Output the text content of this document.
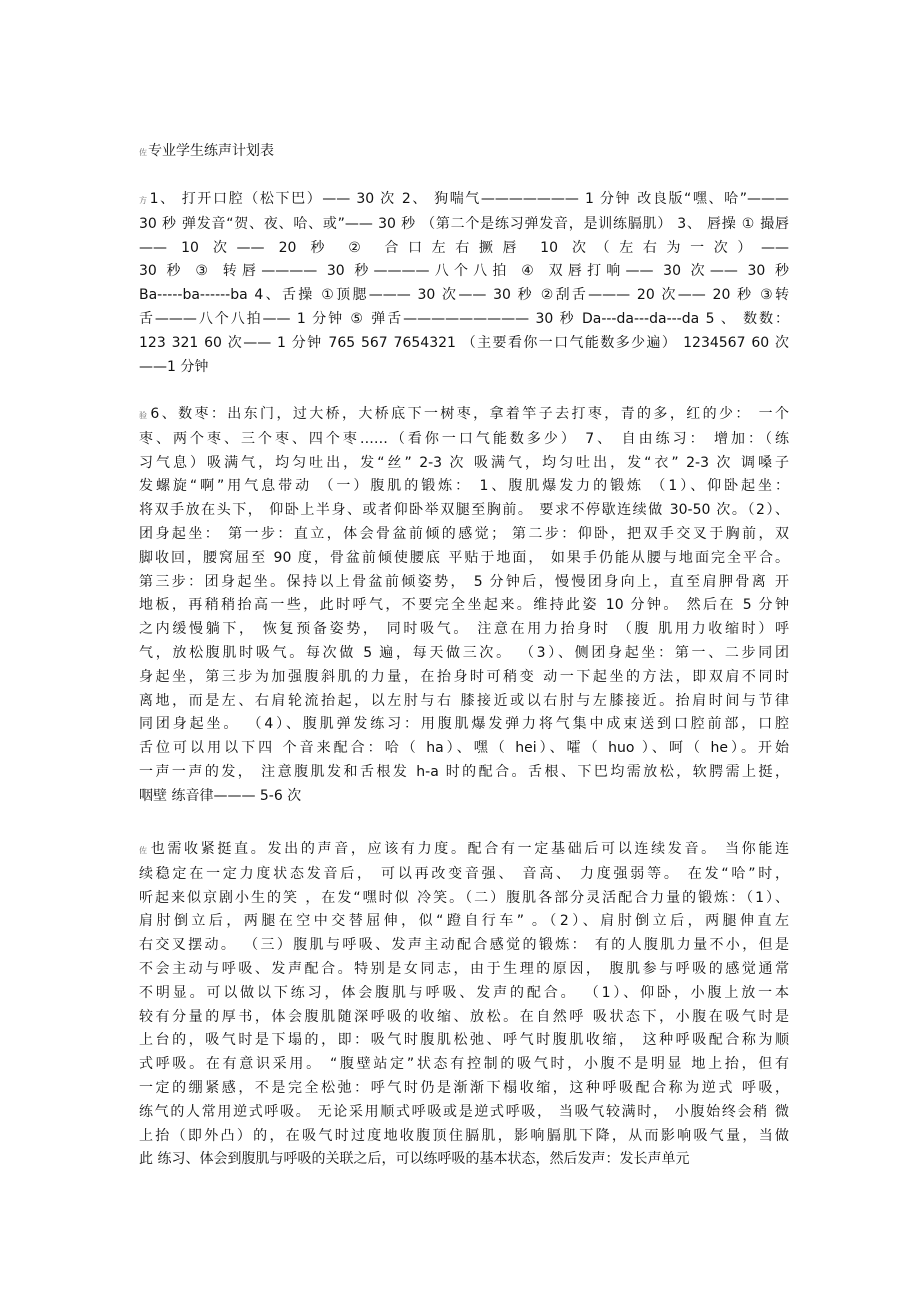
佐专业学生练声计划表
方1、 打开口腔（松下巴）—— 30 次 2、 狗喘气——————— 1 分钟 改良版“嘿、哈”———
30 秒 弹发音“贺、夜、哈、或”—— 30 秒 （第二个是练习弹发音，是训练膈肌） 3、 唇操 ① 撮唇
—— 10 次—— 20 秒 ② 合口左右撅唇 10 次（左右为一次）——
30 秒 ③ 转唇———— 30 秒————八个八拍 ④ 双唇打响—— 30 次—— 30 秒
Ba-----ba------ba 4、舌操 ①顶腮——— 30 次—— 30 秒 ②刮舌——— 20 次—— 20 秒 ③转
舌———八个八拍—— 1 分钟 ⑤ 弹舌————————— 30 秒 Da---da---da---da 5 、 数数：
123 321 60 次—— 1 分钟 765 567 7654321 （主要看你一口气能数多少遍） 1234567 60 次
——1 分钟
验6、数枣：出东门，过大桥，大桥底下一树枣，拿着竿子去打枣，青的多，红的少： 一个
枣、两个枣、三个枣、四个枣……（看你一口气能数多少） 7、 自由练习： 增加：（练
习气息）吸满气，均匀吐出，发“丝” 2-3 次 吸满气，均匀吐出，发“衣” 2-3 次 调嗓子
发螺旋“啊”用气息带动 （一）腹肌的锻炼： 1、腹肌爆发力的锻炼 （1）、仰卧起坐：
将双手放在头下， 仰卧上半身、或者仰卧举双腿至胸前。 要求不停歇连续做 30-50 次。（2）、
团身起坐： 第一步：直立，体会骨盆前倾的感觉； 第二步：仰卧，把双手交叉于胸前，双
脚收回，腰窝屈至 90 度，骨盆前倾使腰底 平贴于地面， 如果手仍能从腰与地面完全平合。
第三步：团身起坐。保持以上骨盆前倾姿势， 5 分钟后，慢慢团身向上，直至肩胛骨离 开
地板，再稍稍抬高一些，此时呼气，不要完全坐起来。维持此姿 10 分钟。 然后在 5 分钟
之内缓慢躺下， 恢复预备姿势， 同时吸气。 注意在用力抬身时 （腹 肌用力收缩时）呼
气，放松腹肌时吸气。每次做 5 遍，每天做三次。 （3）、侧团身起坐：第一、二步同团
身起坐，第三步为加强腹斜肌的力量，在抬身时可稍变 动一下起坐的方法，即双肩不同时
离地，而是左、右肩轮流抬起，以左肘与右 膝接近或以右肘与左膝接近。抬肩时间与节律
同团身起坐。 （4）、腹肌弹发练习：用腹肌爆发弹力将气集中成束送到口腔前部，口腔
舌位可以用以下四 个音来配合：哈（ ha）、嘿（ hei）、嚯（ huo ）、呵（ he）。开始
一声一声的发， 注意腹肌发和舌根发 h-a 时的配合。舌根、下巴均需放松，软腭需上挺，
咽壁 练音律——— 5-6 次
佐也需收紧挺直。发出的声音，应该有力度。配合有一定基础后可以连续发音。 当你能连
续稳定在一定力度状态发音后， 可以再改变音强、 音高、 力度强弱等。 在发“哈”时，
听起来似京剧小生的笑 ，在发“嘿时似 冷笑。（二）腹肌各部分灵活配合力量的锻炼：（1）、
肩肘倒立后，两腿在空中交替屈伸，似“蹬自行车” 。（2）、肩肘倒立后，两腿伸直左
右交叉摆动。 （三）腹肌与呼吸、发声主动配合感觉的锻炼： 有的人腹肌力量不小，但是
不会主动与呼吸、发声配合。特别是女同志，由于生理的原因， 腹肌参与呼吸的感觉通常
不明显。可以做以下练习，体会腹肌与呼吸、发声的配合。 （1）、仰卧，小腹上放一本
较有分量的厚书，体会腹肌随深呼吸的收缩、放松。在自然呼 吸状态下，小腹在吸气时是
上台的，吸气时是下塌的，即：吸气时腹肌松弛、呼气时腹肌收缩， 这种呼吸配合称为顺
式呼吸。在有意识采用。 “腹壁站定”状态有控制的吸气时，小腹不是明显 地上抬，但有
一定的绷紧感，不是完全松弛：呼气时仍是渐渐下榻收缩，这种呼吸配合称为逆式 呼吸，
练气的人常用逆式呼吸。 无论采用顺式呼吸或是逆式呼吸， 当吸气较满时， 小腹始终会稍 微
上抬（即外凸）的，在吸气时过度地收腹顶住膈肌，影响膈肌下降，从而影响吸气量，当做
此 练习、体会到腹肌与呼吸的关联之后，可以练呼吸的基本状态，然后发声：发长声单元
